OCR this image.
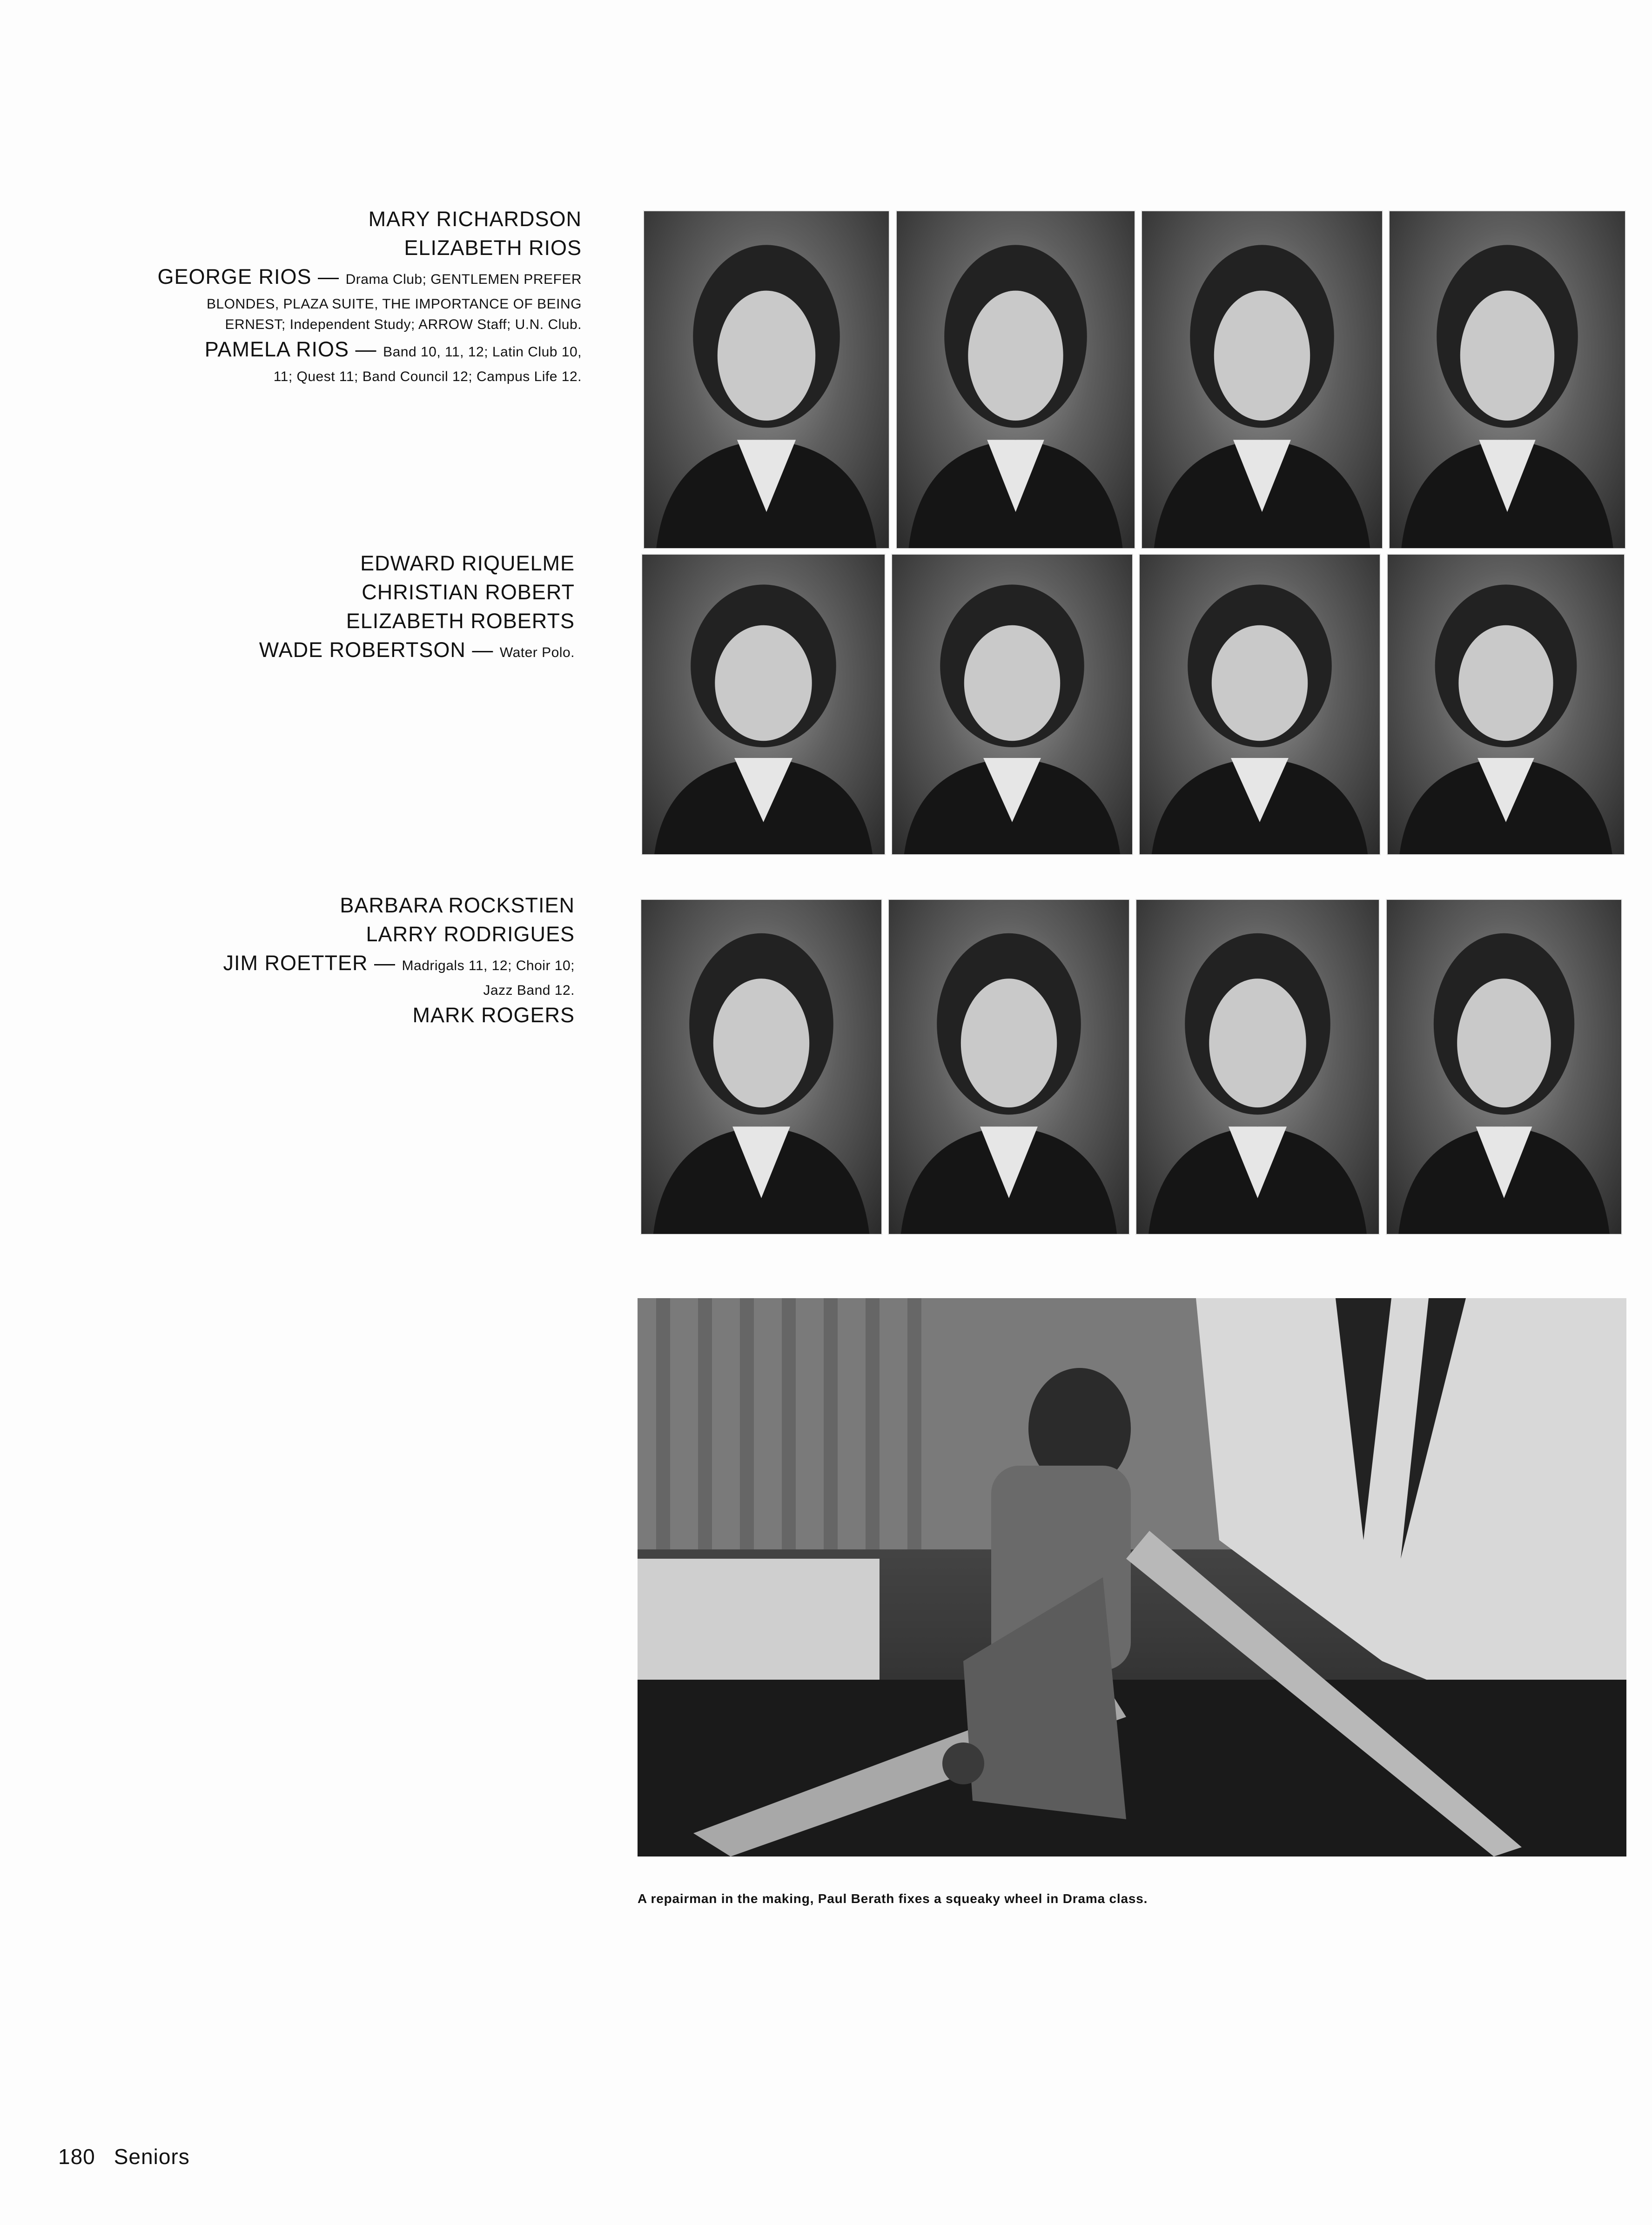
MARY RICHARDSON
ELIZABETH RIOS
GEORGE RIOS — Drama Club; GENTLEMEN PREFER
BLONDES, PLAZA SUITE, THE IMPORTANCE OF BEING
ERNEST; Independent Study; ARROW Staff; U.N. Club.
PAMELA RIOS — Band 10, 11, 12; Latin Club 10,
11; Quest 11; Band Council 12; Campus Life 12.
EDWARD RIQUELME
CHRISTIAN ROBERT
ELIZABETH ROBERTS
WADE ROBERTSON — Water Polo.
BARBARA ROCKSTIEN
LARRY RODRIGUES
JIM ROETTER — Madrigals 11, 12; Choir 10;
Jazz Band 12.
MARK ROGERS
A repairman in the making, Paul Berath fixes a squeaky wheel in Drama class.
180 Seniors
